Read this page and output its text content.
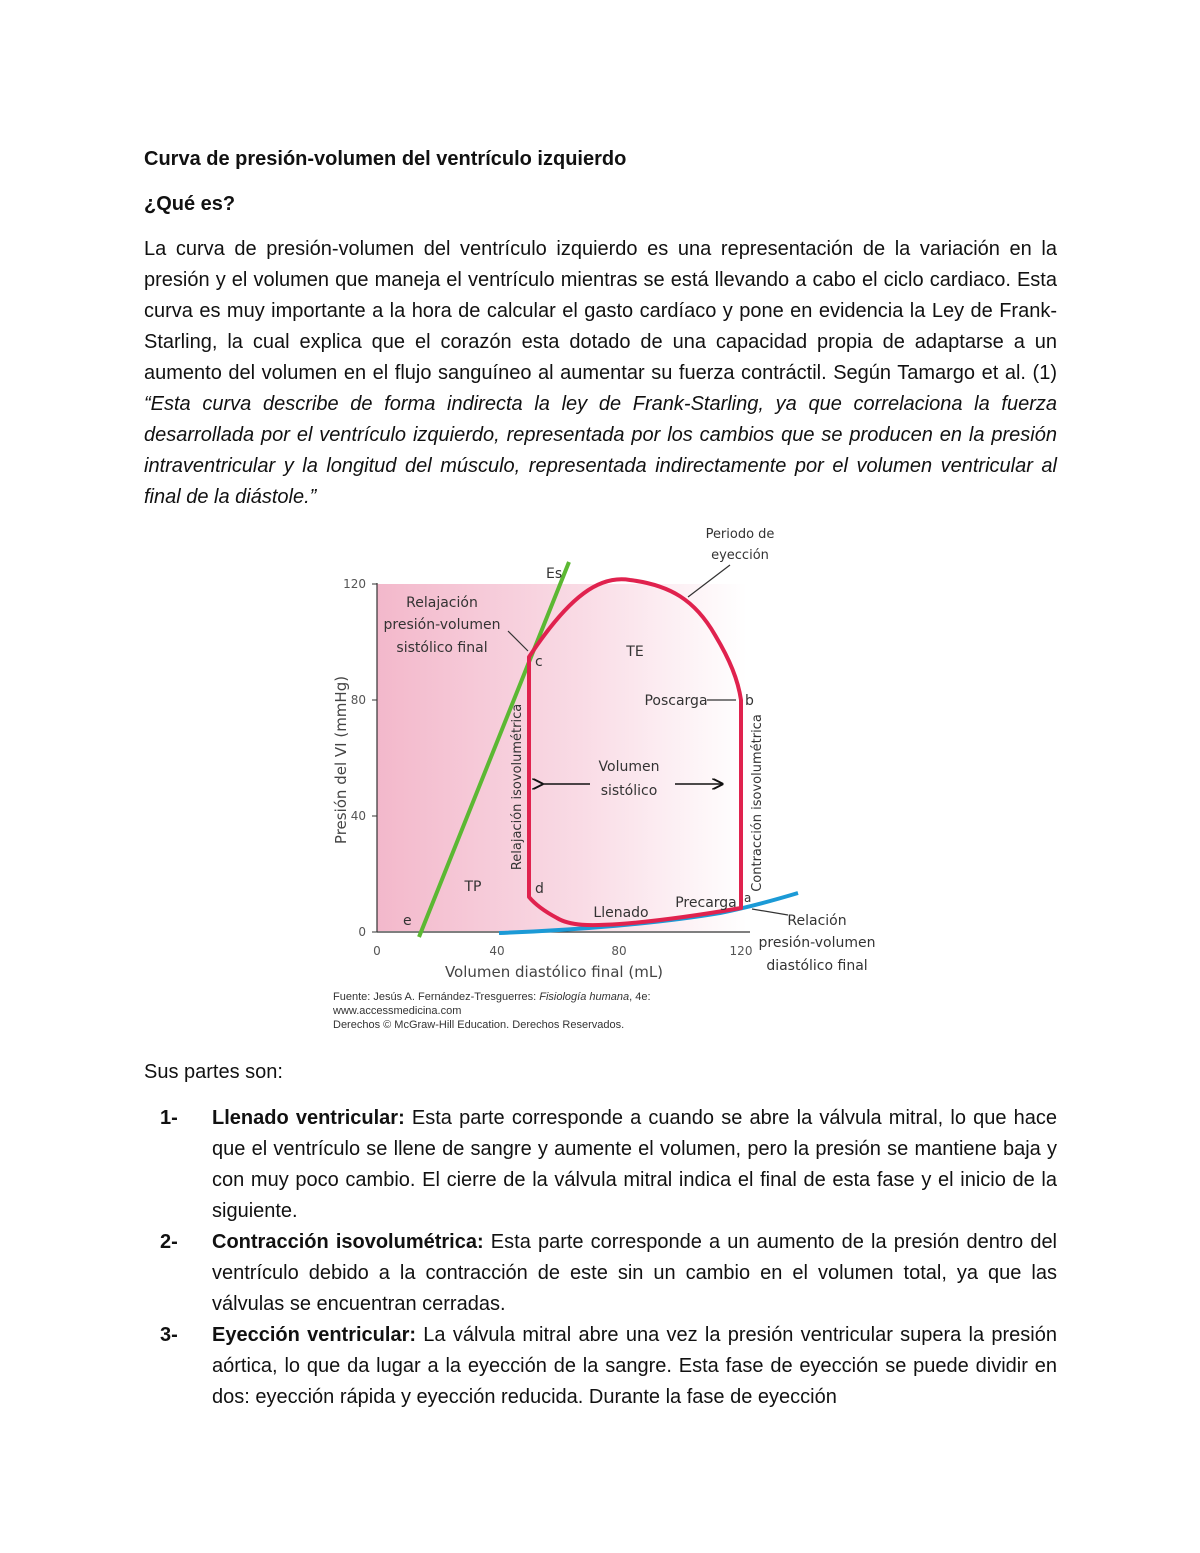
Curva de presión-volumen del ventrículo izquierdo
¿Qué es?
La curva de presión-volumen del ventrículo izquierdo es una representación de la variación en la presión y el volumen que maneja el ventrículo mientras se está llevando a cabo el ciclo cardiaco. Esta curva es muy importante a la hora de calcular el gasto cardíaco y pone en evidencia la Ley de Frank-Starling, la cual explica que el corazón esta dotado de una capacidad propia de adaptarse a un aumento del volumen en el flujo sanguíneo al aumentar su fuerza contráctil. Según Tamargo et al. (1) “Esta curva describe de forma indirecta la ley de Frank-Starling, ya que correlaciona la fuerza desarrollada por el ventrículo izquierdo, representada por los cambios que se producen en la presión intraventricular y la longitud del músculo, representada indirectamente por el volumen ventricular al final de la diástole.”
0
40
80
120
0	40	80	120
Presión del VI (mmHg)
Volumen diastólico final (mL)
Es
Relajación
presión-volumen
sistólico final
Periodo de
eyección
TE
TP
Poscarga
Precarga
Llenado
Volumen
sistólico
Relajación isovolumétrica	Contracción isovolumétrica
Relación
presión-volumen
diastólico final
a
b
c
d
e
Fuente: Jesús A. Fernández-Tresguerres: Fisiología humana, 4e:
www.accessmedicina.com
Derechos © McGraw-Hill Education. Derechos Reservados.
Sus partes son:
1- Llenado ventricular: Esta parte corresponde a cuando se abre la válvula mitral, lo que hace que el ventrículo se llene de sangre y aumente el volumen, pero la presión se mantiene baja y con muy poco cambio. El cierre de la válvula mitral indica el final de esta fase y el inicio de la siguiente.
2- Contracción isovolumétrica: Esta parte corresponde a un aumento de la presión dentro del ventrículo debido a la contracción de este sin un cambio en el volumen total, ya que las válvulas se encuentran cerradas.
3- Eyección ventricular: La válvula mitral abre una vez la presión ventricular supera la presión aórtica, lo que da lugar a la eyección de la sangre. Esta fase de eyección se puede dividir en dos: eyección rápida y eyección reducida. Durante la fase de eyección
